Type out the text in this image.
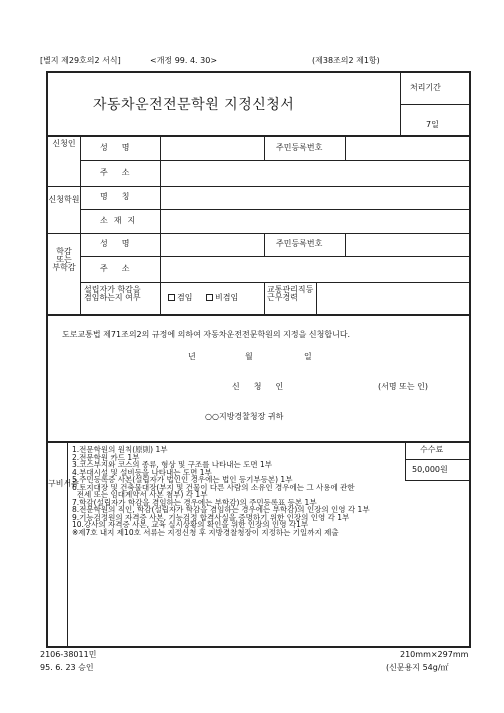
[별지 제29호의2 서식]	<개정 99. 4. 30>	(제38조의2 제1항)
자동차운전전문학원 지정신청서
처리기간
7일
신청인	성명	주민등록번호
주소
신청학원	명칭
소재지
학감
또는
부학감
성명	주민등록번호
주소
설립자가 학감을
겸임하는지 여부	겸임	비겸임
교통관리직등
근무경력
도로교통법 제71조의2의 규정에 의하여 자동차운전전문학원의 지정을 신청합니다.
년	월	일
신청인	(서명 또는 인)
○○지방경찰청장 귀하
구비서류
1.전문학원의 원칙(原則) 1부
2.전문학원 카드 1부
3.코스부지와 코스의 종류, 형상 및 구조를 나타내는 도면 1부
4.부대시설 및 설비등을 나타내는 도면 1부
5.주민등록증 사본(설립자가 법인인 경우에는 법인 등기부등본) 1부
6.토지대장 및 건축물대장(부지 및 건물이 다른 사람의 소유인 경우에는 그 사용에 관한
전세 또는 임대계약서 사본 첨부) 각 1부
7.학감(설립자가 학감을 겸임하는 경우에는 부학감)의 주민등록표 등본 1부
8.전문학원의 직인, 학감(설립자가 학감을 겸임하는 경우에는 부학감)의 인장의 인영 각 1부
9.기능검정원의 자격증 사본, 기능검정 합격사실을 증명하기 위한 인장의 인영 각 1부
10.강사의 자격증 사본, 교육 실시상황의 확인을 위한 인장의 인영 각1부
※제7호 내지 제10호 서류는 지정신청 후 지방경찰청장이 지정하는 기일까지 제출
수수료
50,000원
2106-38011민
95. 6. 23 승인
210mm×297mm
(신문용지 54g/㎡
